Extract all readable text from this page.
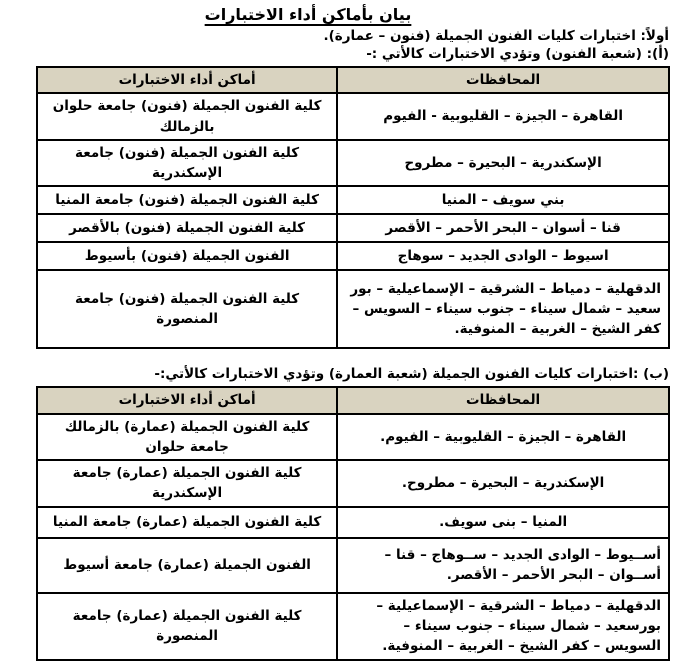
بيان بأماكن أداء الاختبارات
أولاً: اختبارات كليات الفنون الجميلة (فنون – عمارة).
(أ): (شعبة الفنون) وتؤدي الاختبارات كالأتي :-
المحافظات	أماكن أداء الاختبارات
القاهرة – الجيزة – القليوبية - الفيوم	كلية الفنون الجميلة (فنون) جامعة حلوان بالزمالك
الإسكندرية – البحيرة – مطروح	كلية الفنون الجميلة (فنون) جامعة الإسكندرية
بني سويف – المنيا	كلية الفنون الجميلة (فنون) جامعة المنيا
قنا – أسوان – البحر الأحمر – الأقصر	كلية الفنون الجميلة (فنون) بالأقصر
اسيوط – الوادى الجديد – سوهاج	الفنون الجميلة (فنون) بأسيوط
الدقهلية – دمياط – الشرقية – الإسماعيلية – بور سعيد – شمال سيناء – جنوب سيناء – السويس – كفر الشيخ – الغربية – المنوفية.	كلية الفنون الجميلة (فنون) جامعة المنصورة
(ب) :اختبارات كليات الفنون الجميلة (شعبة العمارة) وتؤدي الاختبارات كالأتي:-
المحافظات	أماكن أداء الاختبارات
القاهرة – الجيزة – القليوبية – الفيوم.	كلية الفنون الجميلة (عمارة) بالزمالك جامعة حلوان
الإسكندرية – البحيرة – مطروح.	كلية الفنون الجميلة (عمارة) جامعة الإسكندرية
المنيا – بنى سويف.	كلية الفنون الجميلة (عمارة) جامعة المنيا
أســيوط – الوادى الجديد – ســوهاج – قنا – أســوان – البحر الأحمر – الأقصر.	الفنون الجميلة (عمارة) جامعة أسيوط
الدقهلية – دمياط – الشرقية – الإسماعيلية – بورسعيد – شمال سيناء – جنوب سيناء – السويس – كفر الشيخ – الغربية – المنوفية.	كلية الفنون الجميلة (عمارة) جامعة المنصورة
